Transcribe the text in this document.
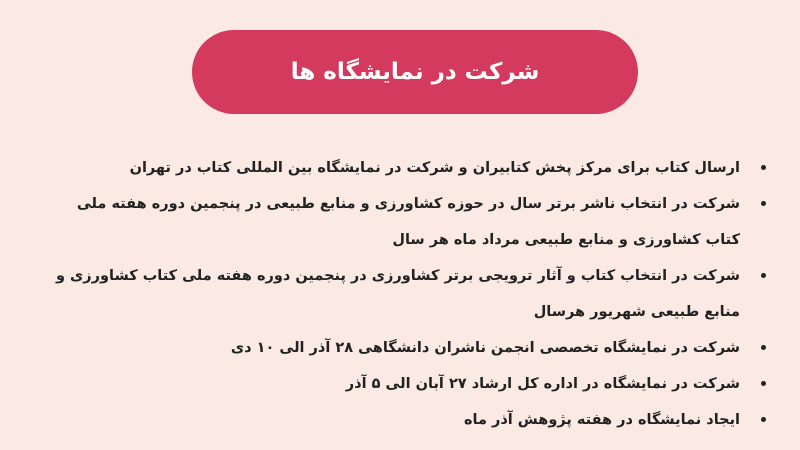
شرکت در نمایشگاه ها
ارسال کتاب برای مرکز پخش کتابیران و شرکت در نمایشگاه بین المللی کتاب در تهران
شرکت در انتخاب ناشر برتر سال در حوزه کشاورزی و منابع طبیعی در پنجمین دوره هفته ملی کتاب کشاورزی و منابع طبیعی مرداد ماه هر سال
شرکت در انتخاب کتاب و آثار ترویجی برتر کشاورزی در پنجمین دوره هفته ملی کتاب کشاورزی و منابع طبیعی شهریور هرسال
شرکت در نمایشگاه تخصصی انجمن ناشران دانشگاهی ۲۸ آذر الی ۱۰ دی
شرکت در نمایشگاه در اداره کل ارشاد ۲۷ آبان الی ۵ آذر
ایجاد نمایشگاه در هفته پژوهش آذر ماه
